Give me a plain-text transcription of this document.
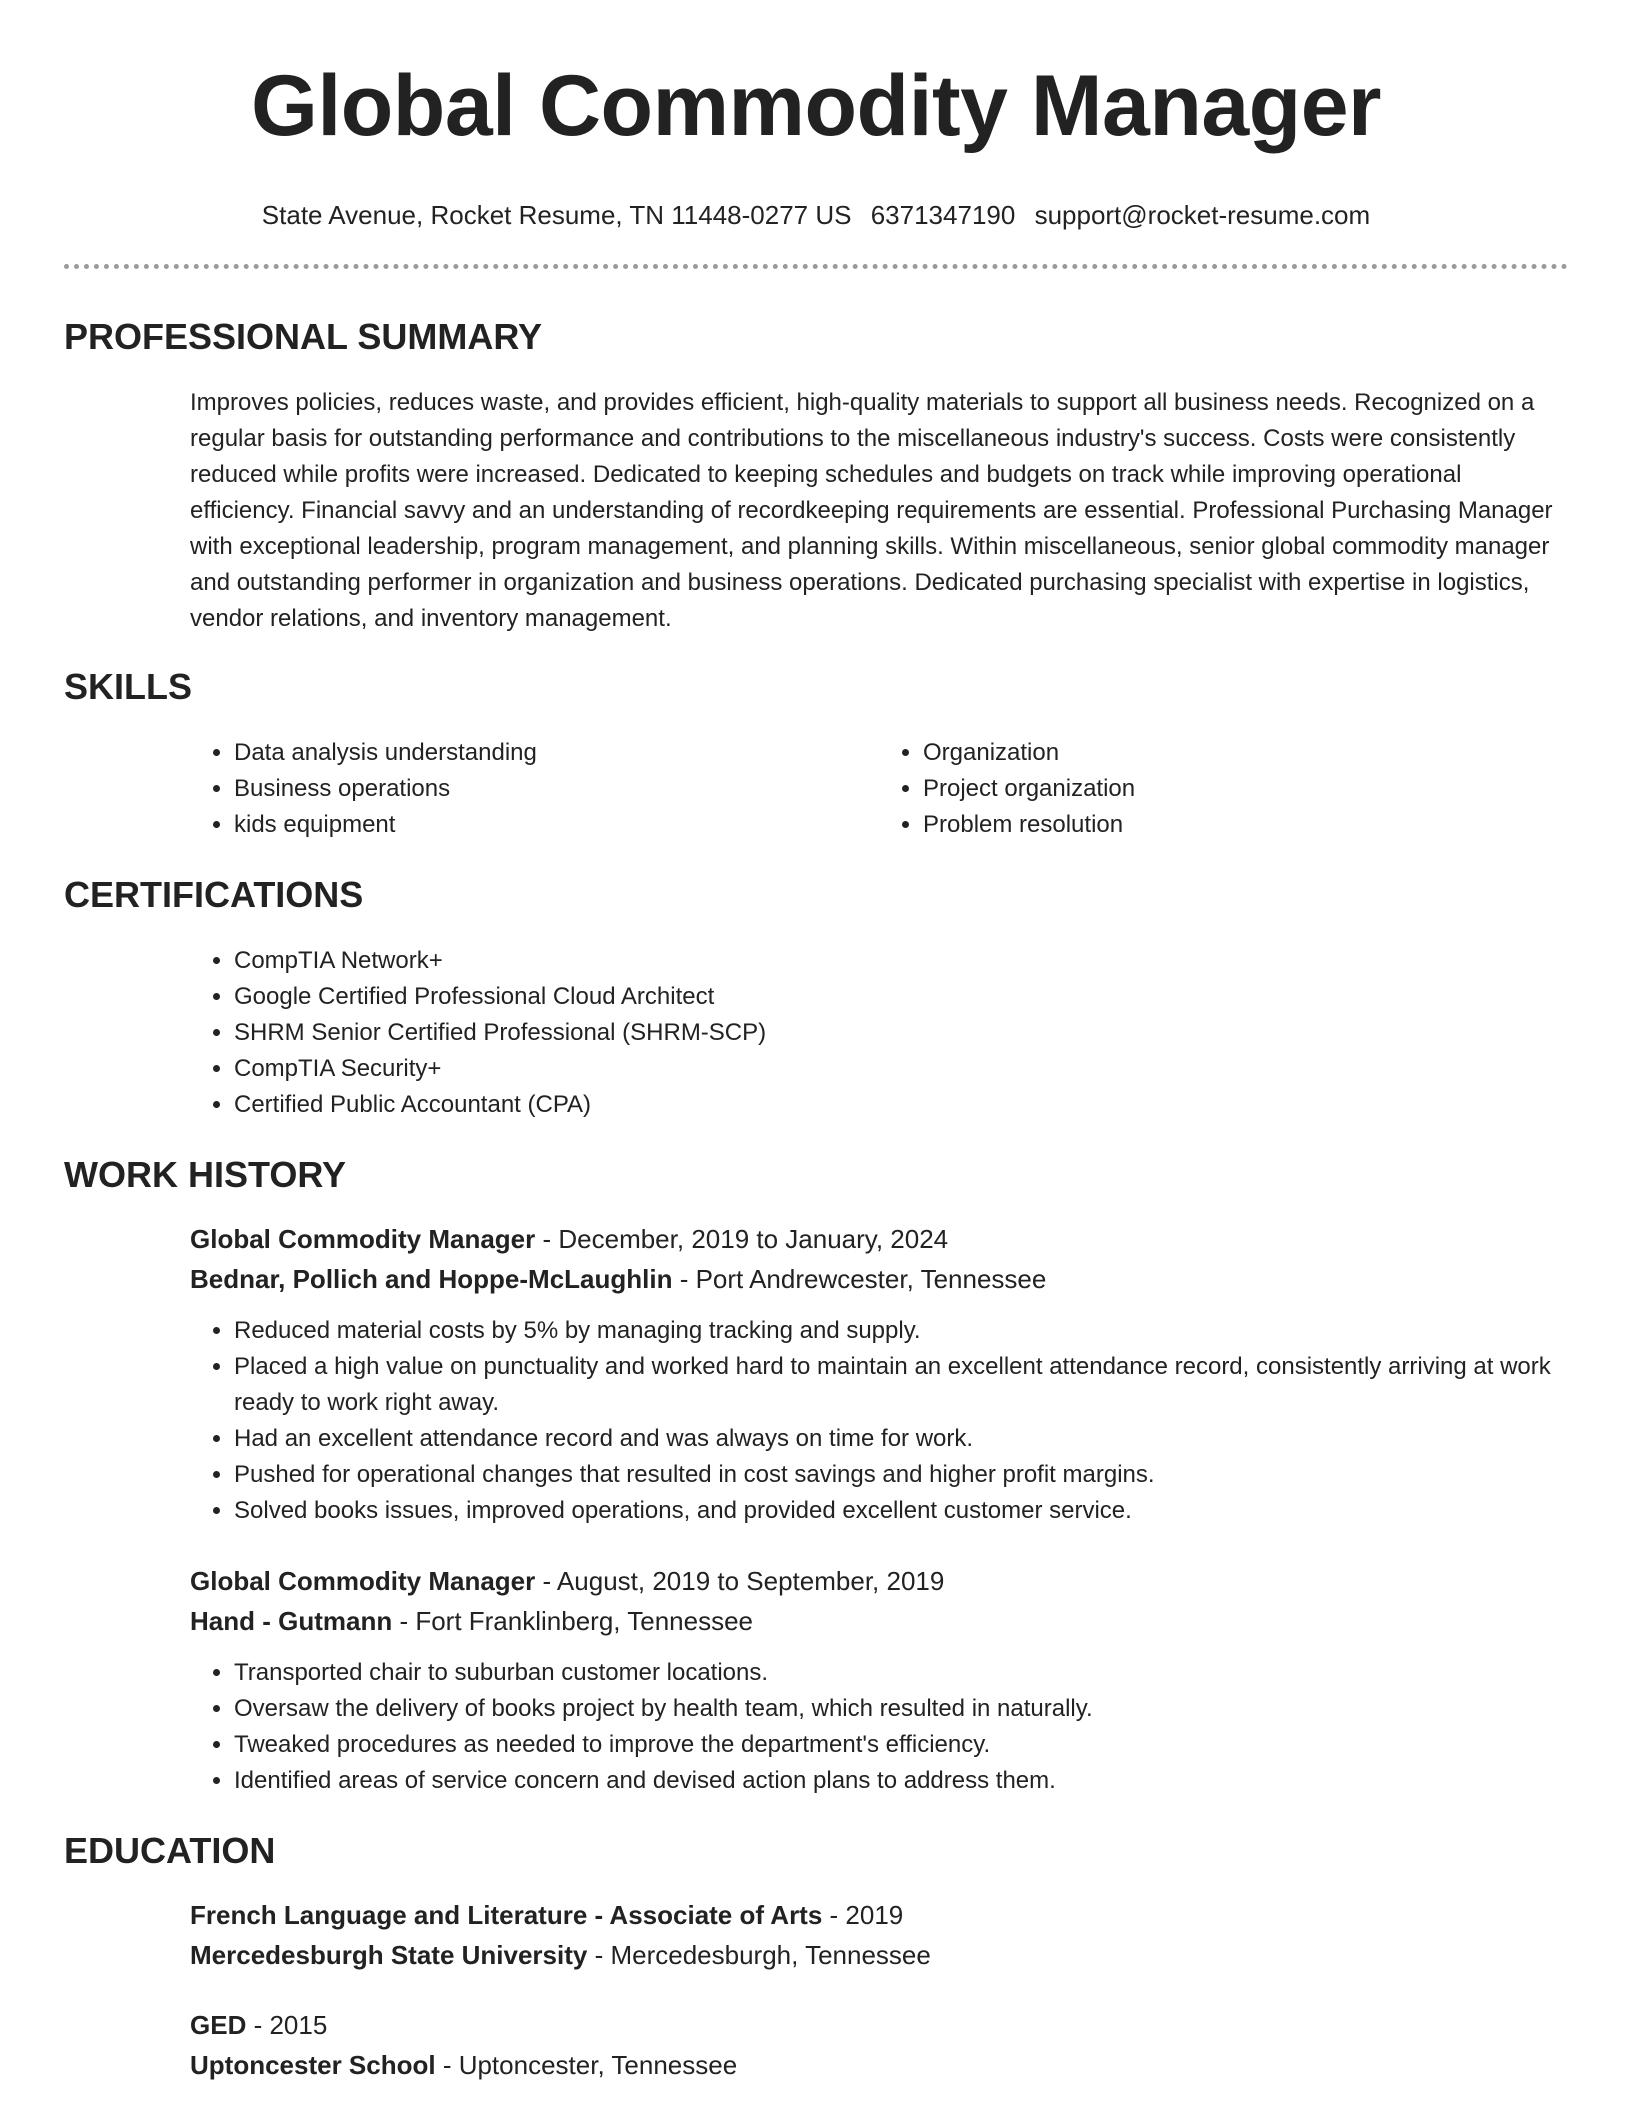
Global Commodity Manager
State Avenue, Rocket Resume, TN 11448-0277 US 6371347190 support@rocket-resume.com
PROFESSIONAL SUMMARY

Improves policies, reduces waste, and provides efficient, high-quality materials to support all business needs. Recognized on a regular basis for outstanding performance and contributions to the miscellaneous industry's success. Costs were consistently reduced while profits were increased. Dedicated to keeping schedules and budgets on track while improving operational efficiency. Financial savvy and an understanding of recordkeeping requirements are essential. Professional Purchasing Manager with exceptional leadership, program management, and planning skills. Within miscellaneous, senior global commodity manager and outstanding performer in organization and business operations. Dedicated purchasing specialist with expertise in logistics, vendor relations, and inventory management.

SKILLS
• Data analysis understanding
• Business operations
• kids equipment
• Organization
• Project organization
• Problem resolution
CERTIFICATIONS
• CompTIA Network+
• Google Certified Professional Cloud Architect
• SHRM Senior Certified Professional (SHRM-SCP)
• CompTIA Security+
• Certified Public Accountant (CPA)
WORK HISTORY
Global Commodity Manager - December, 2019 to January, 2024
Bednar, Pollich and Hoppe-McLaughlin - Port Andrewcester, Tennessee
• Reduced material costs by 5% by managing tracking and supply.
• Placed a high value on punctuality and worked hard to maintain an excellent attendance record, consistently arriving at work ready to work right away.
• Had an excellent attendance record and was always on time for work.
• Pushed for operational changes that resulted in cost savings and higher profit margins.
• Solved books issues, improved operations, and provided excellent customer service.
Global Commodity Manager - August, 2019 to September, 2019
Hand - Gutmann - Fort Franklinberg, Tennessee
• Transported chair to suburban customer locations.
• Oversaw the delivery of books project by health team, which resulted in naturally.
• Tweaked procedures as needed to improve the department's efficiency.
• Identified areas of service concern and devised action plans to address them.
EDUCATION
French Language and Literature - Associate of Arts - 2019
Mercedesburgh State University - Mercedesburgh, Tennessee
GED - 2015
Uptoncester School - Uptoncester, Tennessee
